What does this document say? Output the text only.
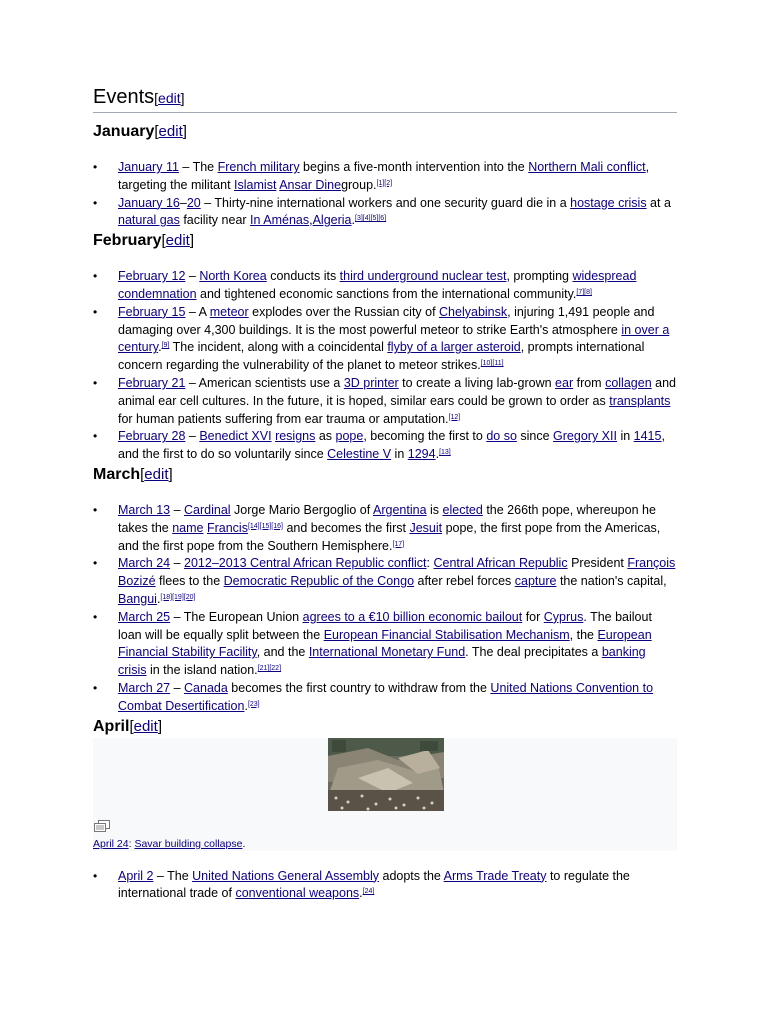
Events[edit]
January[edit]
• January 11 – The French military begins a five-month intervention into the Northern Mali conflict, targeting the militant Islamist Ansar Dinegroup.[1][2]
• January 16–20 – Thirty-nine international workers and one security guard die in a hostage crisis at a natural gas facility near In Aménas,Algeria.[3][4][5][6]
February[edit]
• February 12 – North Korea conducts its third underground nuclear test, prompting widespread condemnation and tightened economic sanctions from the international community.[7][8]
• February 15 – A meteor explodes over the Russian city of Chelyabinsk, injuring 1,491 people and damaging over 4,300 buildings. It is the most powerful meteor to strike Earth's atmosphere in over a century.[9] The incident, along with a coincidental flyby of a larger asteroid, prompts international concern regarding the vulnerability of the planet to meteor strikes.[10][11]
• February 21 – American scientists use a 3D printer to create a living lab-grown ear from collagen and animal ear cell cultures. In the future, it is hoped, similar ears could be grown to order as transplants for human patients suffering from ear trauma or amputation.[12]
• February 28 – Benedict XVI resigns as pope, becoming the first to do so since Gregory XII in 1415, and the first to do so voluntarily since Celestine V in 1294.[13]
March[edit]
• March 13 – Cardinal Jorge Mario Bergoglio of Argentina is elected the 266th pope, whereupon he takes the name Francis[14][15][16] and becomes the first Jesuit pope, the first pope from the Americas, and the first pope from the Southern Hemisphere.[17]
• March 24 – 2012–2013 Central African Republic conflict: Central African Republic President François Bozizé flees to the Democratic Republic of the Congo after rebel forces capture the nation's capital, Bangui.[18][19][20]
• March 25 – The European Union agrees to a €10 billion economic bailout for Cyprus. The bailout loan will be equally split between the European Financial Stabilisation Mechanism, the European Financial Stability Facility, and the International Monetary Fund. The deal precipitates a banking crisis in the island nation.[21][22]
• March 27 – Canada becomes the first country to withdraw from the United Nations Convention to Combat Desertification.[23]
April[edit]
April 24: Savar building collapse.
• April 2 – The United Nations General Assembly adopts the Arms Trade Treaty to regulate the international trade of conventional weapons.[24]
